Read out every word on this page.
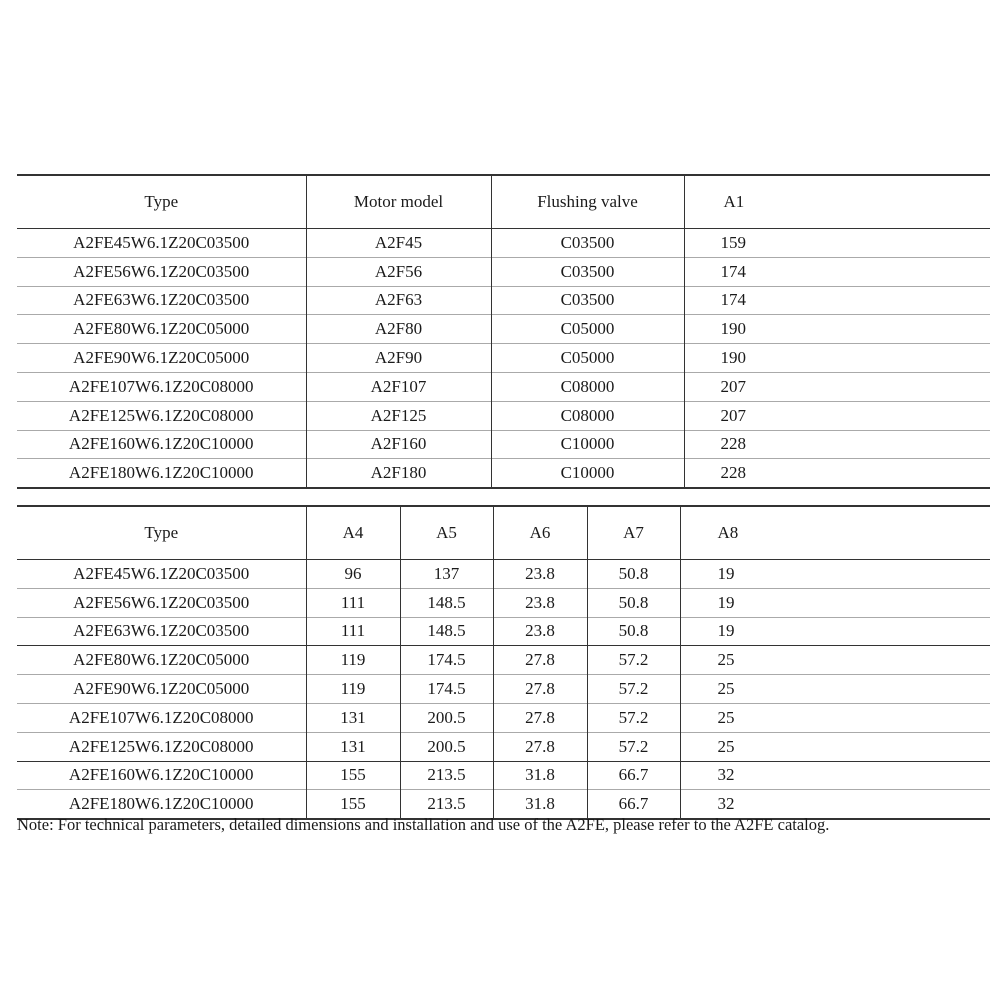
Type	Motor model	Flushing valve	A1
A2FE45W6.1Z20C03500	A2F45	C03500	159
A2FE56W6.1Z20C03500	A2F56	C03500	174
A2FE63W6.1Z20C03500	A2F63	C03500	174
A2FE80W6.1Z20C05000	A2F80	C05000	190
A2FE90W6.1Z20C05000	A2F90	C05000	190
A2FE107W6.1Z20C08000	A2F107	C08000	207
A2FE125W6.1Z20C08000	A2F125	C08000	207
A2FE160W6.1Z20C10000	A2F160	C10000	228
A2FE180W6.1Z20C10000	A2F180	C10000	228
Type	A4	A5	A6	A7	A8
A2FE45W6.1Z20C03500	96	137	23.8	50.8	19
A2FE56W6.1Z20C03500	111	148.5	23.8	50.8	19
A2FE63W6.1Z20C03500	111	148.5	23.8	50.8	19
A2FE80W6.1Z20C05000	119	174.5	27.8	57.2	25
A2FE90W6.1Z20C05000	119	174.5	27.8	57.2	25
A2FE107W6.1Z20C08000	131	200.5	27.8	57.2	25
A2FE125W6.1Z20C08000	131	200.5	27.8	57.2	25
A2FE160W6.1Z20C10000	155	213.5	31.8	66.7	32
A2FE180W6.1Z20C10000	155	213.5	31.8	66.7	32
Note: For technical parameters, detailed dimensions and installation and use of the A2FE, please refer to the A2FE catalog.
